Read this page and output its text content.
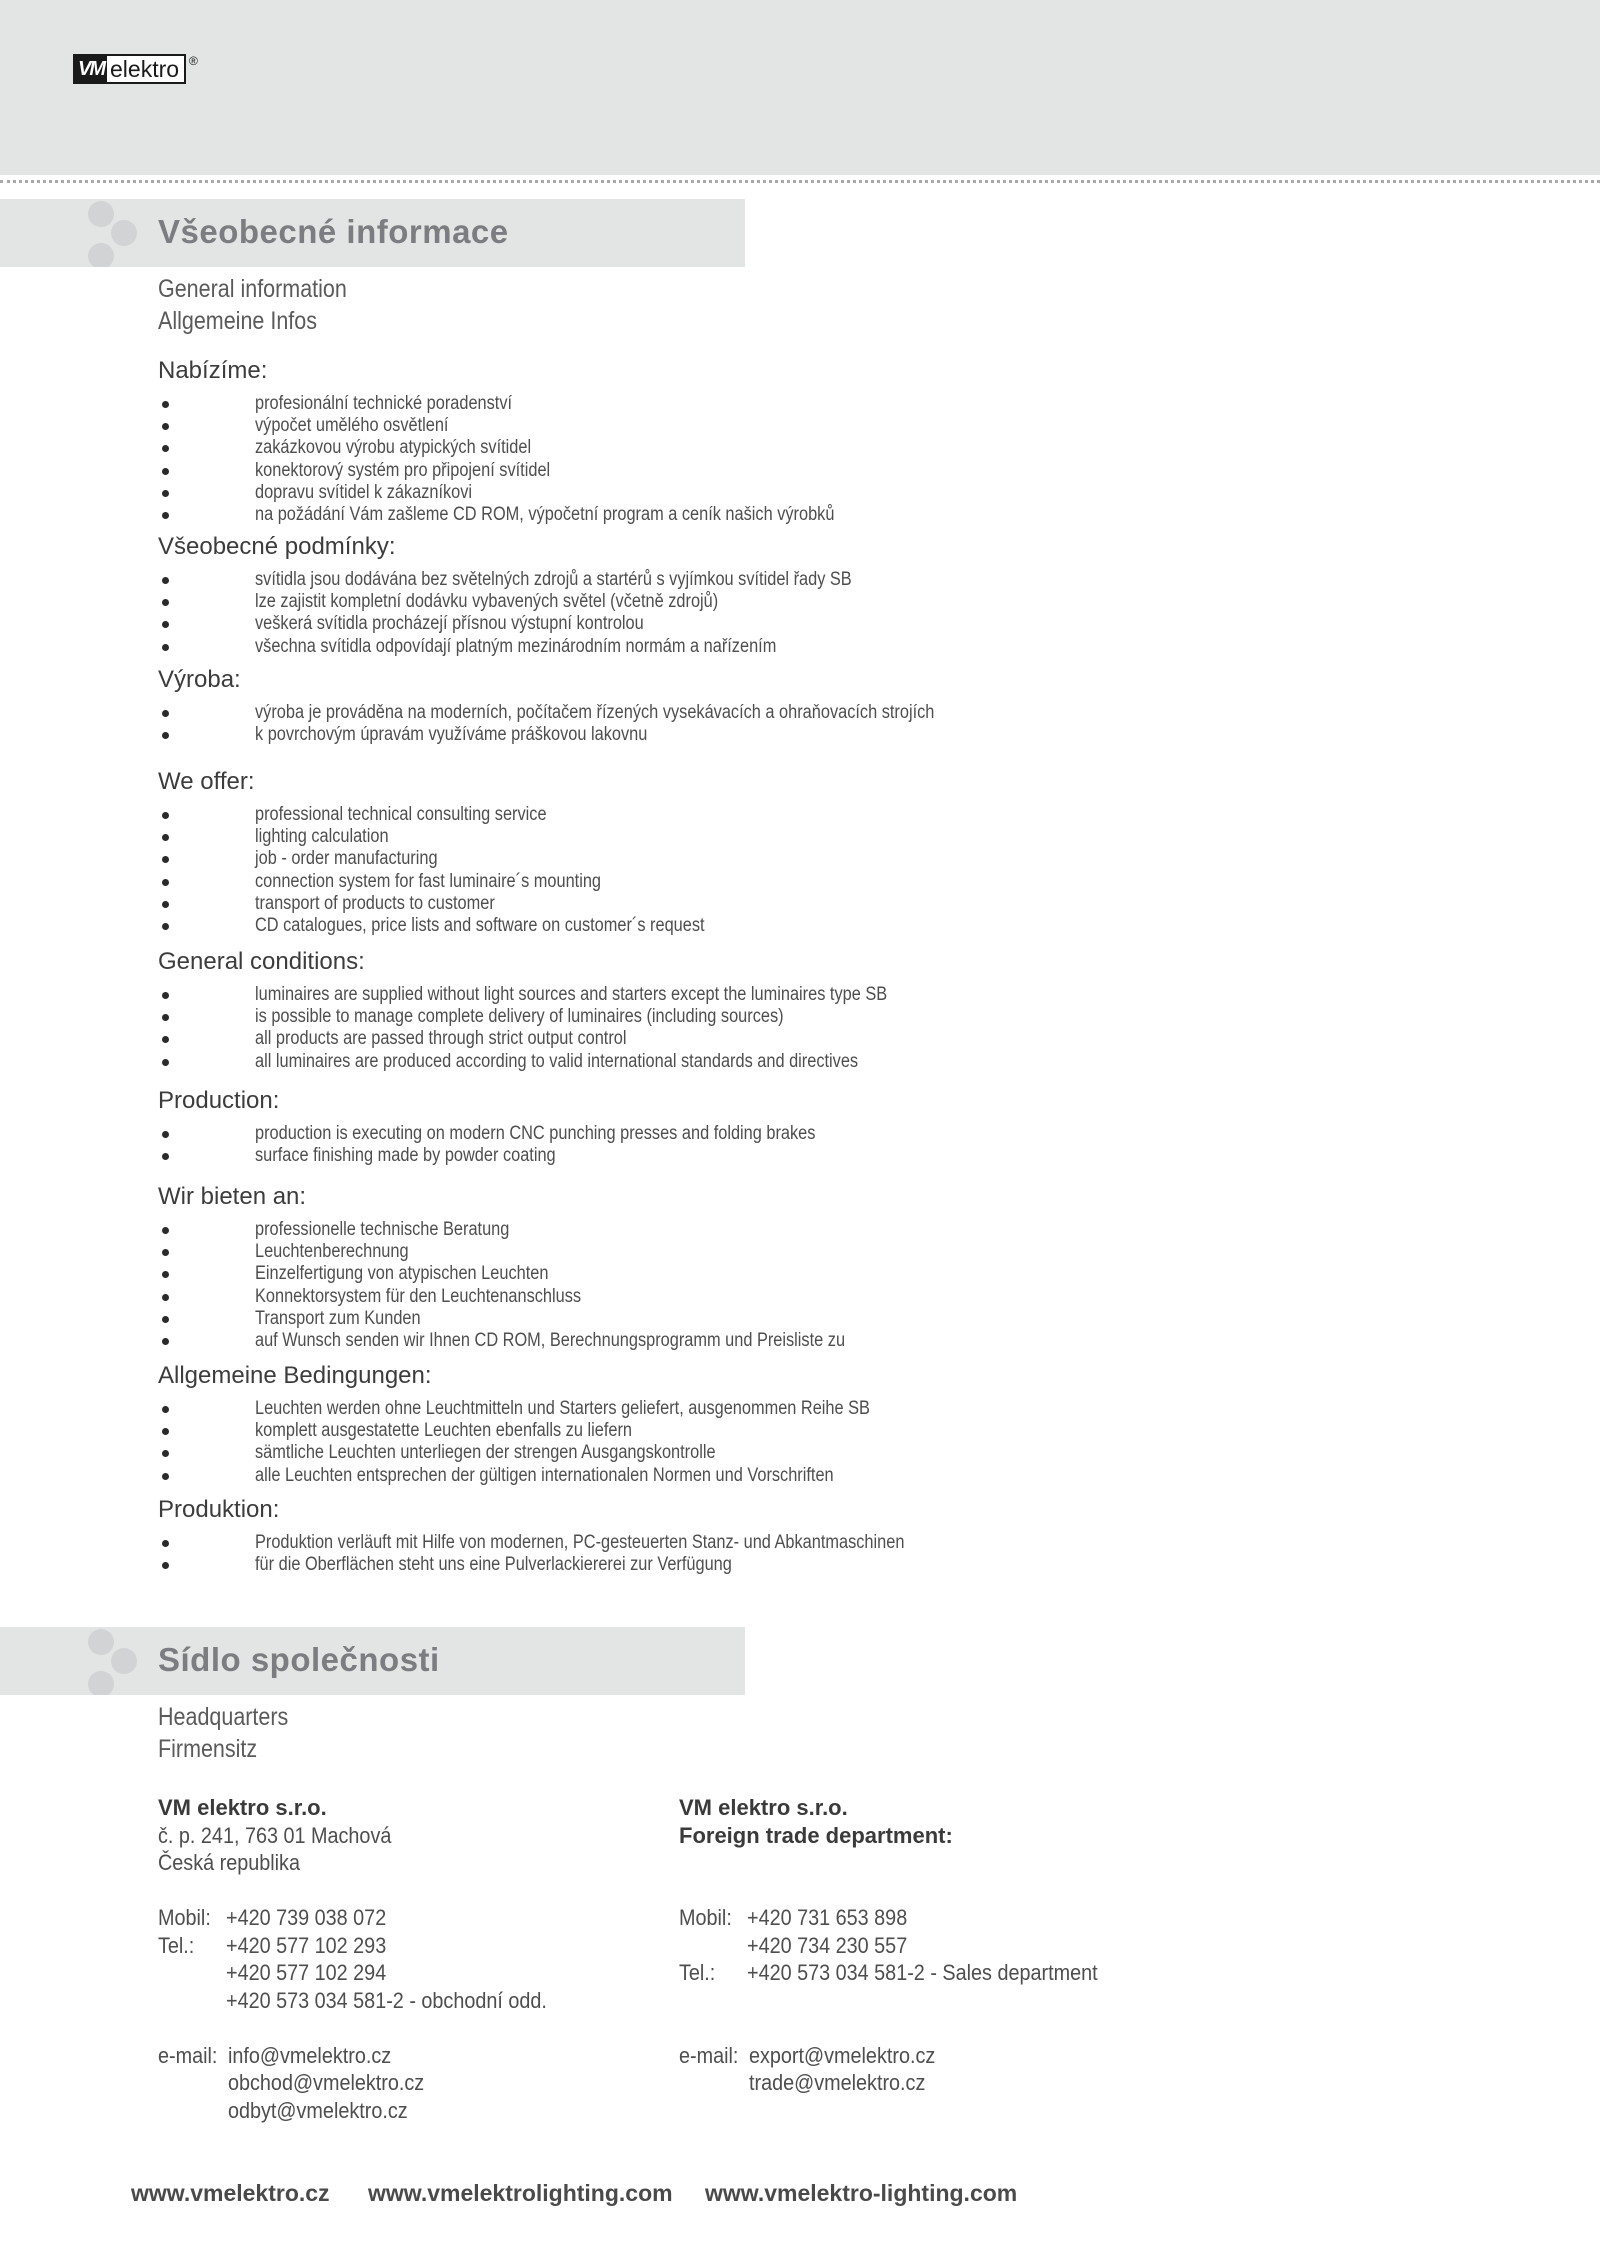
VM elektro ®
Všeobecné informace
General information
Allgemeine Infos
Nabízíme:
profesionální technické poradenství
výpočet umělého osvětlení
zakázkovou výrobu atypických svítidel
konektorový systém pro připojení svítidel
dopravu svítidel k zákazníkovi
na požádání Vám zašleme CD ROM, výpočetní program a ceník našich výrobků
Všeobecné podmínky:
svítidla jsou dodávána bez světelných zdrojů a startérů s vyjímkou svítidel řady SB
lze zajistit kompletní dodávku vybavených světel (včetně zdrojů)
veškerá svítidla procházejí přísnou výstupní kontrolou
všechna svítidla odpovídají platným mezinárodním normám a nařízením
Výroba:
výroba je prováděna na moderních, počítačem řízených vysekávacích a ohraňovacích strojích
k povrchovým úpravám využíváme práškovou lakovnu
We offer:
professional technical consulting service
lighting calculation
job - order manufacturing
connection system for fast luminaire´s mounting
transport of products to customer
CD catalogues, price lists and software on customer´s request
General conditions:
luminaires are supplied without light sources and starters except the luminaires type SB
is possible to manage complete delivery of luminaires (including sources)
all products are passed through strict output control
all luminaires are produced according to valid international standards and directives
Production:
production is executing on modern CNC punching presses and folding brakes
surface finishing made by powder coating
Wir bieten an:
professionelle technische Beratung
Leuchtenberechnung
Einzelfertigung von atypischen Leuchten
Konnektorsystem für den Leuchtenanschluss
Transport zum Kunden
auf Wunsch senden wir Ihnen CD ROM, Berechnungsprogramm und Preisliste zu
Allgemeine Bedingungen:
Leuchten werden ohne Leuchtmitteln und Starters geliefert, ausgenommen Reihe SB
komplett ausgestatette Leuchten ebenfalls zu liefern
sämtliche Leuchten unterliegen der strengen Ausgangskontrolle
alle Leuchten entsprechen der gültigen internationalen Normen und Vorschriften
Produktion:
Produktion verläuft mit Hilfe von modernen, PC-gesteuerten Stanz- und Abkantmaschinen
für die Oberflächen steht uns eine Pulverlackiererei zur Verfügung
Sídlo společnosti
Headquarters
Firmensitz
VM elektro s.r.o.
č. p. 241, 763 01 Machová
Česká republika
Mobil: +420 739 038 072
Tel.: +420 577 102 293
+420 577 102 294
+420 573 034 581-2 - obchodní odd.
e-mail: info@vmelektro.cz
obchod@vmelektro.cz
odbyt@vmelektro.cz
VM elektro s.r.o.
Foreign trade department:
Mobil: +420 731 653 898
+420 734 230 557
Tel.: +420 573 034 581-2 - Sales department
e-mail: export@vmelektro.cz
trade@vmelektro.cz
www.vmelektro.cz www.vmelektrolighting.com www.vmelektro-lighting.com
